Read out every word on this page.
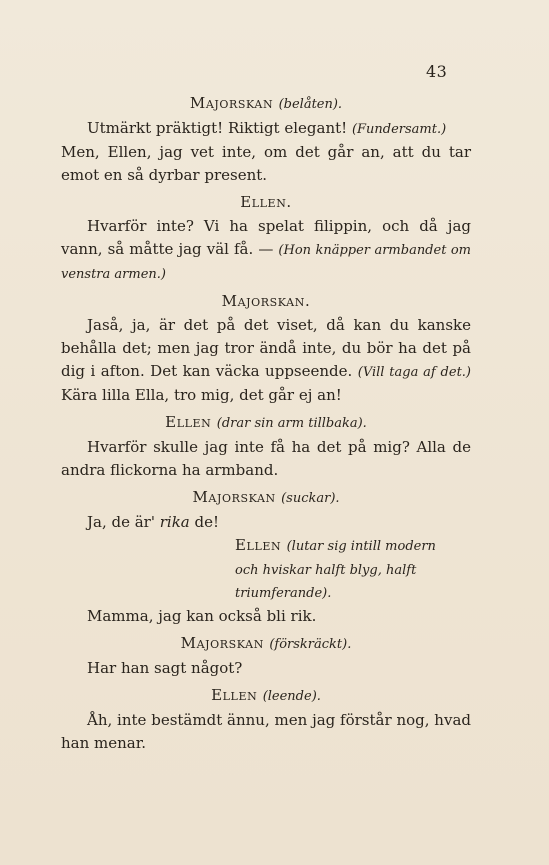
43
Majorskan (belåten).

Utmärkt präktigt! Riktigt elegant! (Fundersamt.)
Men, Ellen, jag vet inte, om det går an, att du tar emot en så dyrbar present.

Ellen.

Hvarför inte? Vi ha spelat filippin, och då jag vann, så måtte jag väl få. — (Hon knäpper armbandet om venstra armen.)

Majorskan.

Jaså, ja, är det på det viset, då kan du kanske behålla det; men jag tror ändå inte, du bör ha det på dig i afton. Det kan väcka uppseende. (Vill taga af det.) Kära lilla Ella, tro mig, det går ej an!

Ellen (drar sin arm tillbaka).

Hvarför skulle jag inte få ha det på mig? Alla de andra flickorna ha armband.

Majorskan (suckar).

Ja, de är' rika de!

Ellen (lutar sig intill modern
och hviskar halft blyg, halft
triumferande).

Mamma, jag kan också bli rik.

Majorskan (förskräckt).

Har han sagt något?

Ellen (leende).

Åh, inte bestämdt ännu, men jag förstår nog, hvad han menar.
